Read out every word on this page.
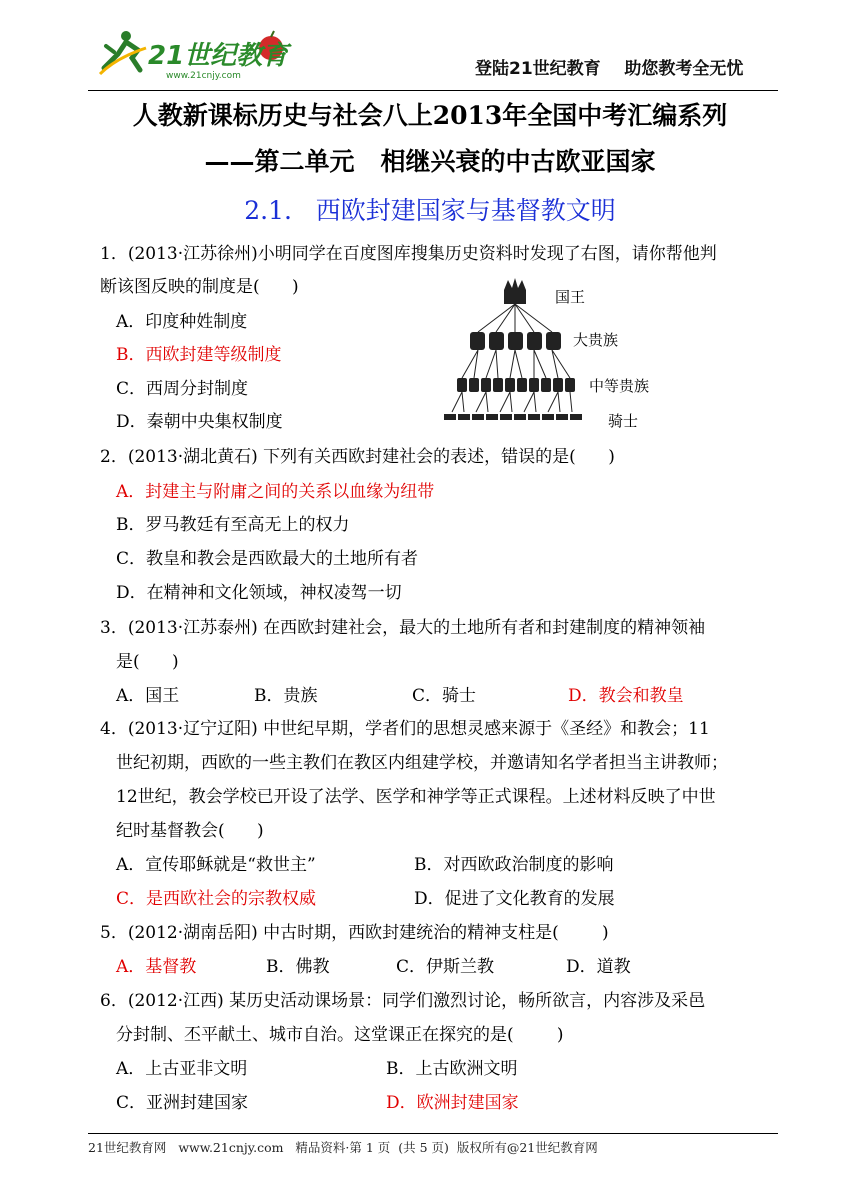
21世纪教育
www.21cnjy.com	登陆21世纪教育    助您教考全无忧
人教新课标历史与社会八上2013年全国中考汇编系列
——第二单元   相继兴衰的中古欧亚国家
2.1.   西欧封建国家与基督教文明
1．(2013·江苏徐州)小明同学在百度图库搜集历史资料时发现了右图，请你帮他判
断该图反映的制度是(      )
A．印度种姓制度
B．西欧封建等级制度
C．西周分封制度
D．秦朝中央集权制度
国王
大贵族
中等贵族
骑士
2．(2013·湖北黄石) 下列有关西欧封建社会的表述，错误的是(      )
A．封建主与附庸之间的关系以血缘为纽带
B．罗马教廷有至高无上的权力
C．教皇和教会是西欧最大的土地所有者
D．在精神和文化领域，神权凌驾一切
3．(2013·江苏泰州) 在西欧封建社会，最大的土地所有者和封建制度的精神领袖
是(      )
A．国王	B．贵族	C．骑士	D．教会和教皇
4．(2013·辽宁辽阳) 中世纪早期，学者们的思想灵感来源于《圣经》和教会；11
世纪初期，西欧的一些主教们在教区内组建学校，并邀请知名学者担当主讲教师；
12世纪，教会学校已开设了法学、医学和神学等正式课程。上述材料反映了中世
纪时基督教会(      )
A．宣传耶稣就是“救世主”	B．对西欧政治制度的影响
C．是西欧社会的宗教权威	D．促进了文化教育的发展
5．(2012·湖南岳阳) 中古时期，西欧封建统治的精神支柱是(        )
A．基督教	B．佛教	C．伊斯兰教	D．道教
6．(2012·江西) 某历史活动课场景：同学们激烈讨论，畅所欲言，内容涉及采邑
分封制、丕平献土、城市自治。这堂课正在探究的是(        )
A．上古亚非文明	B．上古欧洲文明
C．亚洲封建国家	D．欧洲封建国家
21世纪教育网   www.21cnjy.com   精品资料·第 1 页  (共 5 页)  版权所有@21世纪教育网
